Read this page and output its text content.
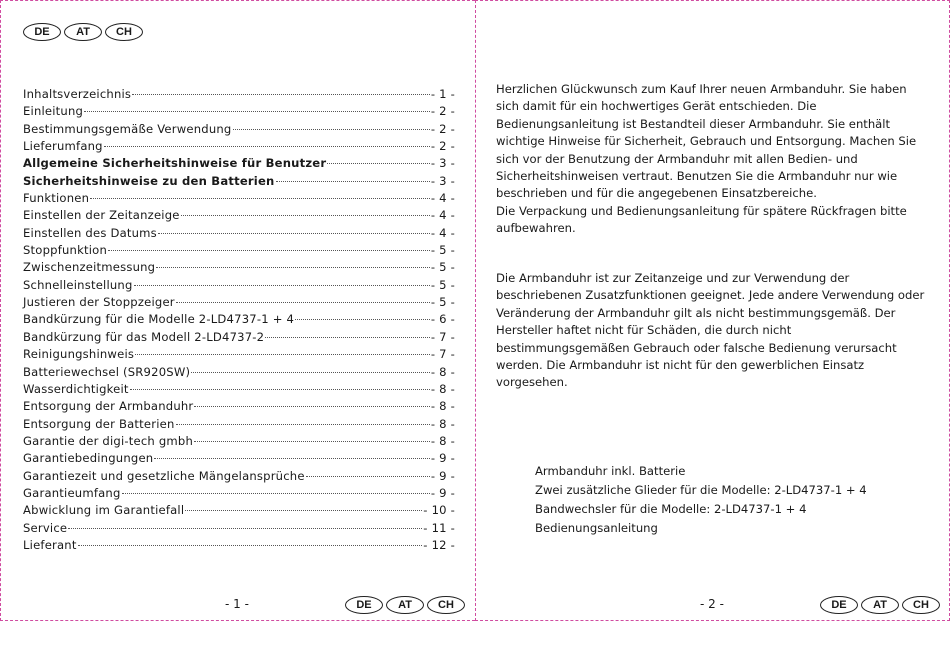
DE	AT	CH
Inhaltsverzeichnis	- 1 -
Einleitung	- 2 -
Bestimmungsgemäße Verwendung	- 2 -
Lieferumfang	- 2 -
Allgemeine Sicherheitshinweise für Benutzer	- 3 -
Sicherheitshinweise zu den Batterien	- 3 -
Funktionen	- 4 -
Einstellen der Zeitanzeige	- 4 -
Einstellen des Datums	- 4 -
Stoppfunktion	- 5 -
Zwischenzeitmessung	- 5 -
Schnelleinstellung	- 5 -
Justieren der Stoppzeiger	- 5 -
Bandkürzung für die Modelle 2-LD4737-1 + 4	- 6 -
Bandkürzung für das Modell 2-LD4737-2	- 7 -
Reinigungshinweis	- 7 -
Batteriewechsel (SR920SW)	- 8 -
Wasserdichtigkeit	- 8 -
Entsorgung der Armbanduhr	- 8 -
Entsorgung der Batterien	- 8 -
Garantie der digi-tech gmbh	- 8 -
Garantiebedingungen	- 9 -
Garantiezeit und gesetzliche Mängelansprüche	- 9 -
Garantieumfang	- 9 -
Abwicklung im Garantiefall	- 10 -
Service	- 11 -
Lieferant	- 12 -
- 1 -	DE	AT	CH	- 2 -	DE	AT	CH

Herzlichen Glückwunsch zum Kauf Ihrer neuen Armbanduhr. Sie haben sich damit für ein hochwertiges Gerät entschieden. Die Bedienungsanleitung ist Bestandteil dieser Armbanduhr. Sie enthält wichtige Hinweise für Sicherheit, Gebrauch und Entsorgung. Machen Sie sich vor der Benutzung der Armbanduhr mit allen Bedien- und Sicherheitshinweisen vertraut. Benutzen Sie die Armbanduhr nur wie beschrieben und für die angegebenen Einsatzbereiche.
Die Verpackung und Bedienungsanleitung für spätere Rückfragen bitte aufbewahren.

Die Armbanduhr ist zur Zeitanzeige und zur Verwendung der beschriebenen Zusatzfunktionen geeignet. Jede andere Verwendung oder Veränderung der Armbanduhr gilt als nicht bestimmungsgemäß. Der Hersteller haftet nicht für Schäden, die durch nicht bestimmungsgemäßen Gebrauch oder falsche Bedienung verursacht werden. Die Armbanduhr ist nicht für den gewerblichen Einsatz vorgesehen.

Armbanduhr inkl. Batterie
Zwei zusätzliche Glieder für die Modelle: 2-LD4737-1 + 4
Bandwechsler für die Modelle: 2-LD4737-1 + 4
Bedienungsanleitung
